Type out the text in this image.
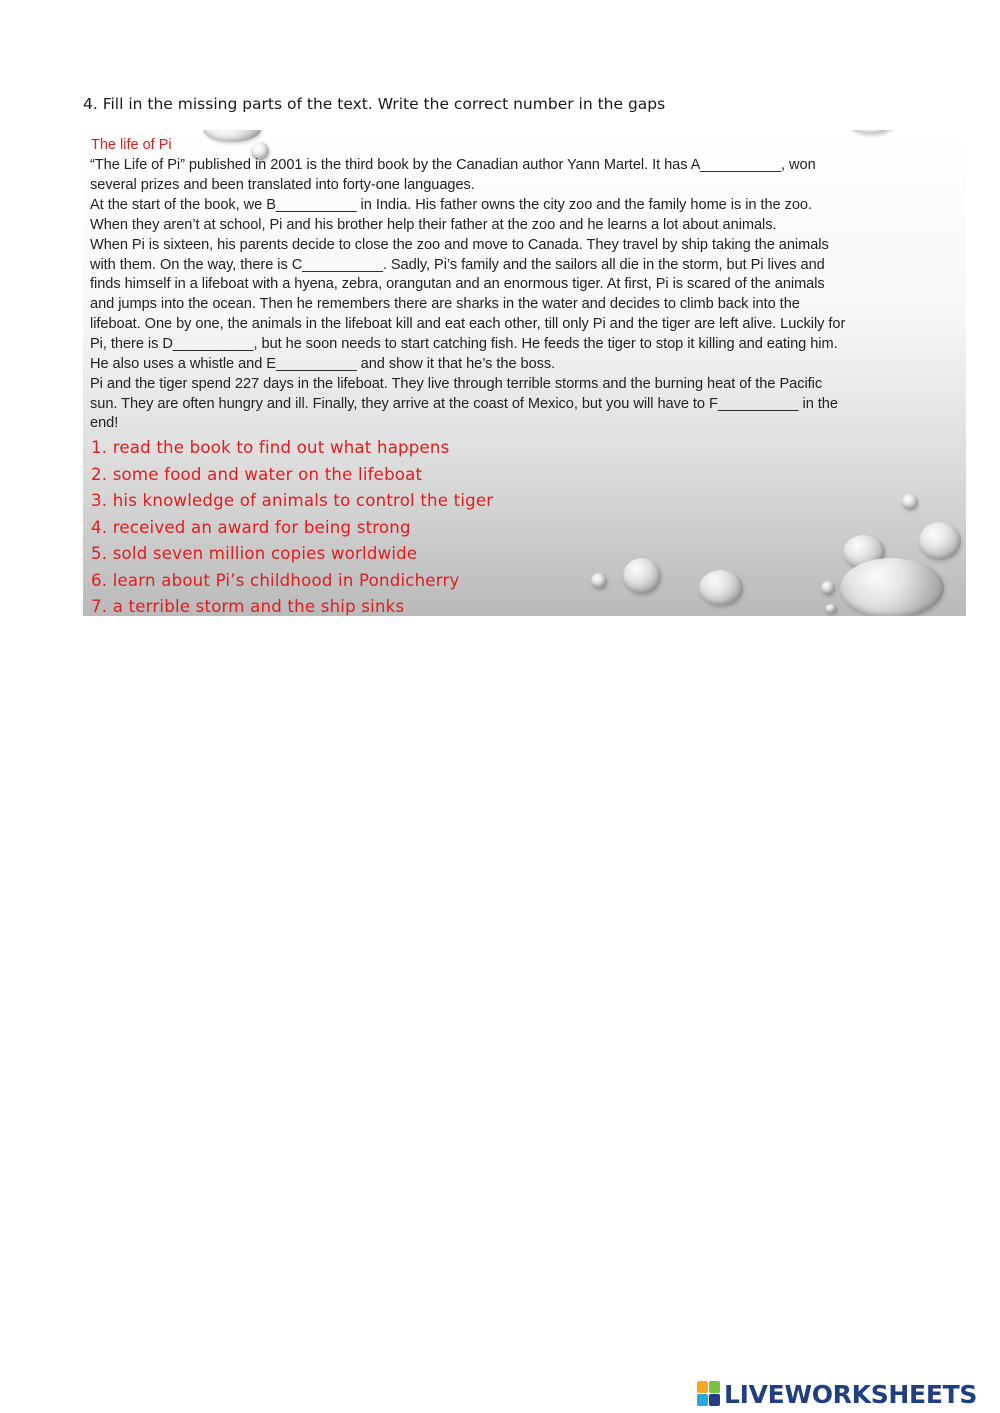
4. Fill in the missing parts of the text. Write the correct number in the gaps
The life of Pi
“The Life of Pi” published in 2001 is the third book by the Canadian author Yann Martel. It has A__________, won
several prizes and been translated into forty-one languages.
At the start of the book, we B__________ in India. His father owns the city zoo and the family home is in the zoo.
When they aren’t at school, Pi and his brother help their father at the zoo and he learns a lot about animals.
When Pi is sixteen, his parents decide to close the zoo and move to Canada. They travel by ship taking the animals
with them. On the way, there is C__________. Sadly, Pi’s family and the sailors all die in the storm, but Pi lives and
finds himself in a lifeboat with a hyena, zebra, orangutan and an enormous tiger. At first, Pi is scared of the animals
and jumps into the ocean. Then he remembers there are sharks in the water and decides to climb back into the
lifeboat. One by one, the animals in the lifeboat kill and eat each other, till only Pi and the tiger are left alive. Luckily for
Pi, there is D__________, but he soon needs to start catching fish. He feeds the tiger to stop it killing and eating him.
He also uses a whistle and E__________ and show it that he’s the boss.
Pi and the tiger spend 227 days in the lifeboat. They live through terrible storms and the burning heat of the Pacific
sun. They are often hungry and ill. Finally, they arrive at the coast of Mexico, but you will have to F__________ in the
end!
1. read the book to find out what happens
2. some food and water on the lifeboat
3. his knowledge of animals to control the tiger
4. received an award for being strong
5. sold seven million copies worldwide
6. learn about Pi’s childhood in Pondicherry
7. a terrible storm and the ship sinks
LIVEWORKSHEETS
